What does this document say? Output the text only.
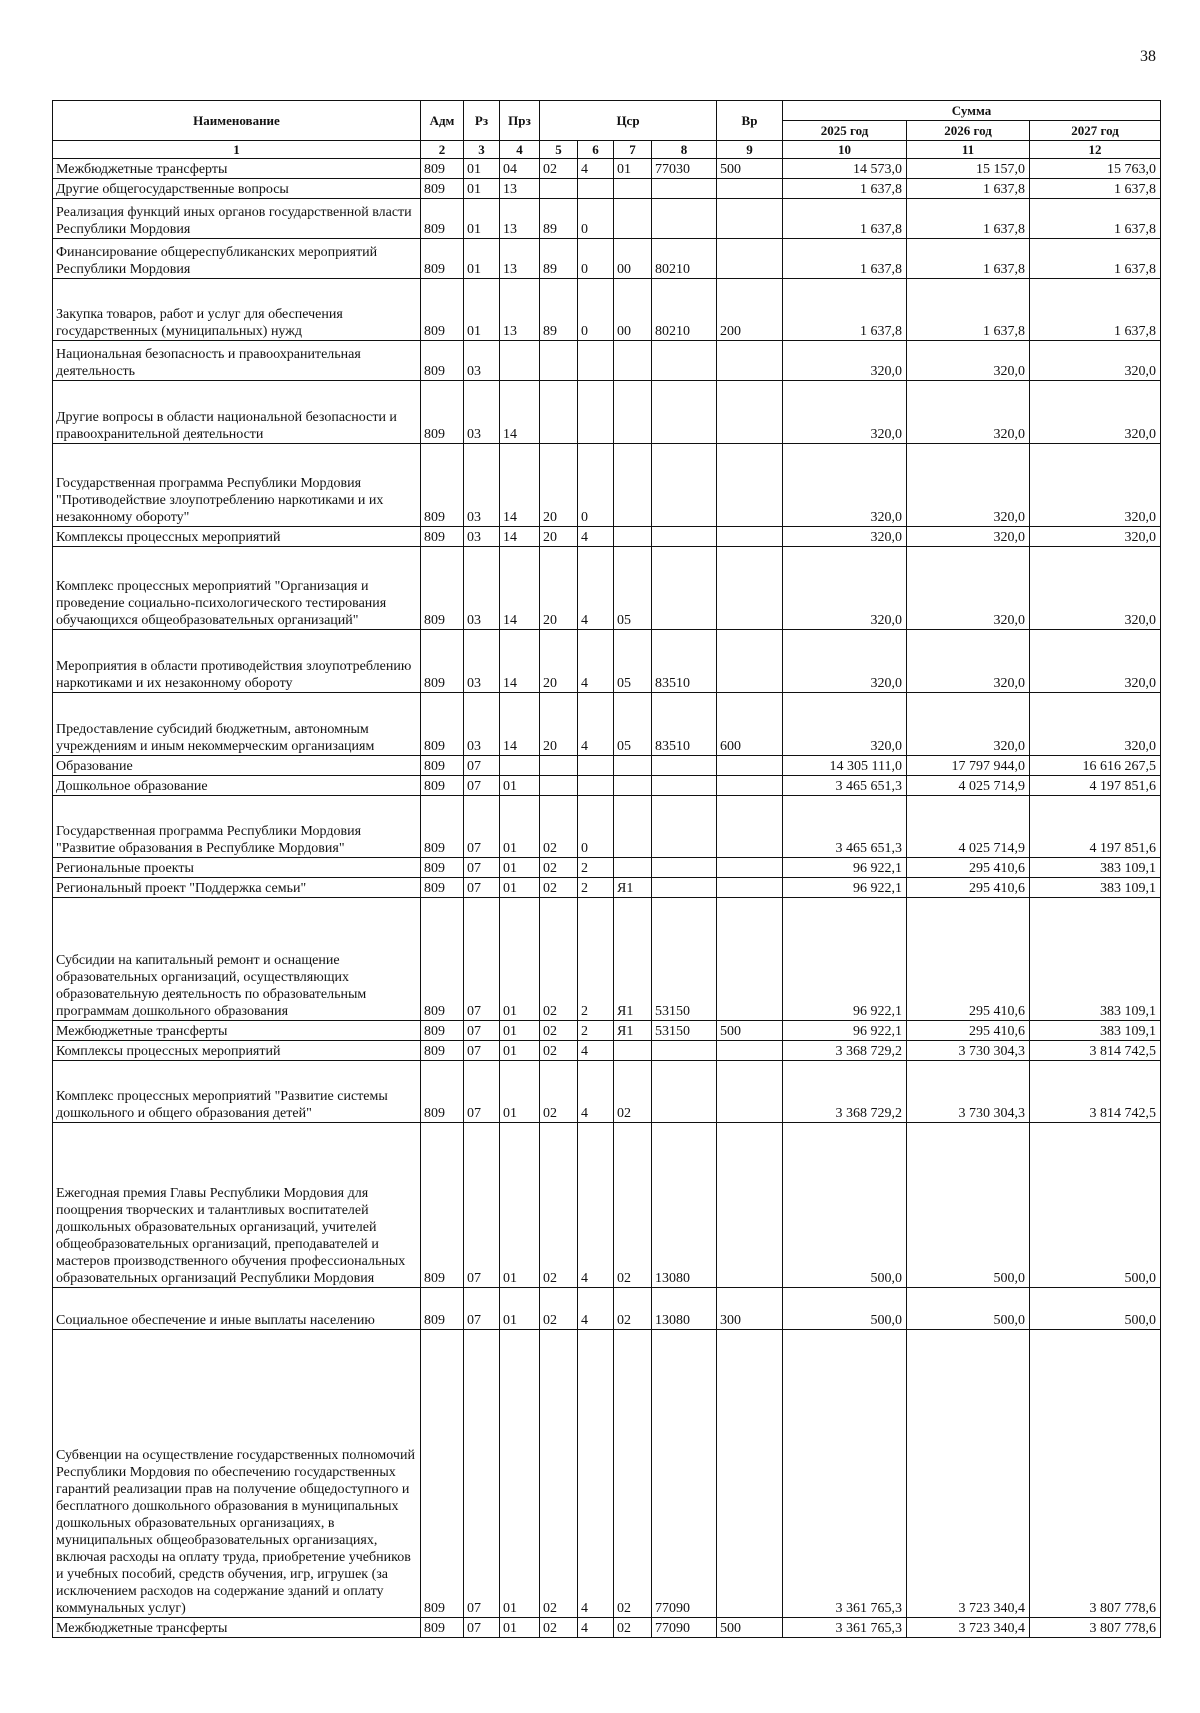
38
Наименование	Адм	Рз	Прз	Цср				Вр	Сумма		
									2025 год	2026 год	2027 год
1	2	3	4	5	6	7	8	9	10	11	12
Межбюджетные трансферты	809	01	04	02	4	01	77030	500	14 573,0	15 157,0	15 763,0
Другие общегосударственные вопросы	809	01	13						1 637,8	1 637,8	1 637,8
Реализация функций иных органов государственной власти Республики Мордовия	809	01	13	89	0				1 637,8	1 637,8	1 637,8
Финансирование общереспубликанских мероприятий Республики Мордовия	809	01	13	89	0	00	80210		1 637,8	1 637,8	1 637,8
Закупка товаров, работ и услуг для обеспечения государственных (муниципальных) нужд	809	01	13	89	0	00	80210	200	1 637,8	1 637,8	1 637,8
Национальная безопасность и правоохранительная деятельность	809	03							320,0	320,0	320,0
Другие вопросы в области национальной безопасности и правоохранительной деятельности	809	03	14						320,0	320,0	320,0
Государственная программа Республики Мордовия "Противодействие злоупотреблению наркотиками и их незаконному обороту"	809	03	14	20	0				320,0	320,0	320,0
Комплексы процессных мероприятий	809	03	14	20	4				320,0	320,0	320,0
Комплекс процессных мероприятий "Организация и проведение социально-психологического тестирования обучающихся общеобразовательных организаций"	809	03	14	20	4	05			320,0	320,0	320,0
Мероприятия в области противодействия злоупотреблению наркотиками и их незаконному обороту	809	03	14	20	4	05	83510		320,0	320,0	320,0
Предоставление субсидий бюджетным, автономным учреждениям и иным некоммерческим организациям	809	03	14	20	4	05	83510	600	320,0	320,0	320,0
Образование	809	07							14 305 111,0	17 797 944,0	16 616 267,5
Дошкольное образование	809	07	01						3 465 651,3	4 025 714,9	4 197 851,6
Государственная программа Республики Мордовия "Развитие образования в Республике Мордовия"	809	07	01	02	0				3 465 651,3	4 025 714,9	4 197 851,6
Региональные проекты	809	07	01	02	2				96 922,1	295 410,6	383 109,1
Региональный проект "Поддержка семьи"	809	07	01	02	2	Я1			96 922,1	295 410,6	383 109,1
Субсидии на капитальный ремонт и оснащение образовательных организаций, осуществляющих образовательную деятельность по образовательным программам дошкольного образования	809	07	01	02	2	Я1	53150		96 922,1	295 410,6	383 109,1
Межбюджетные трансферты	809	07	01	02	2	Я1	53150	500	96 922,1	295 410,6	383 109,1
Комплексы процессных мероприятий	809	07	01	02	4				3 368 729,2	3 730 304,3	3 814 742,5
Комплекс процессных мероприятий "Развитие системы дошкольного и общего образования детей"	809	07	01	02	4	02			3 368 729,2	3 730 304,3	3 814 742,5
Ежегодная премия Главы Республики Мордовия для поощрения творческих и талантливых воспитателей дошкольных образовательных организаций, учителей общеобразовательных организаций, преподавателей и мастеров производственного обучения профессиональных образовательных организаций Республики Мордовия	809	07	01	02	4	02	13080		500,0	500,0	500,0
Социальное обеспечение и иные выплаты населению	809	07	01	02	4	02	13080	300	500,0	500,0	500,0
Субвенции на осуществление государственных полномочий Республики Мордовия по обеспечению государственных гарантий реализации прав на получение общедоступного и бесплатного дошкольного образования в муниципальных дошкольных образовательных организациях, в муниципальных общеобразовательных организациях, включая расходы на оплату труда, приобретение учебников и учебных пособий, средств обучения, игр, игрушек (за исключением расходов на содержание зданий и оплату коммунальных услуг)	809	07	01	02	4	02	77090		3 361 765,3	3 723 340,4	3 807 778,6
Межбюджетные трансферты	809	07	01	02	4	02	77090	500	3 361 765,3	3 723 340,4	3 807 778,6
